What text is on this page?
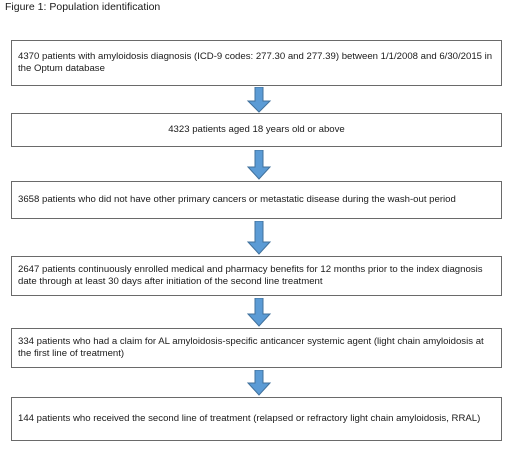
Figure 1: Population identification
4370 patients with amyloidosis diagnosis (ICD-9 codes: 277.30 and 277.39) between 1/1/2008 and 6/30/2015 in the Optum database
4323 patients aged 18 years old or above
3658 patients who did not have other primary cancers or metastatic disease during the wash-out period
2647 patients continuously enrolled medical and pharmacy benefits for 12 months prior to the index diagnosis date through at least 30 days after initiation of the second line treatment
334 patients who had a claim for AL amyloidosis-specific anticancer systemic agent (light chain amyloidosis at the first line of treatment)
144 patients who received the second line of treatment (relapsed or refractory light chain amyloidosis, RRAL)
